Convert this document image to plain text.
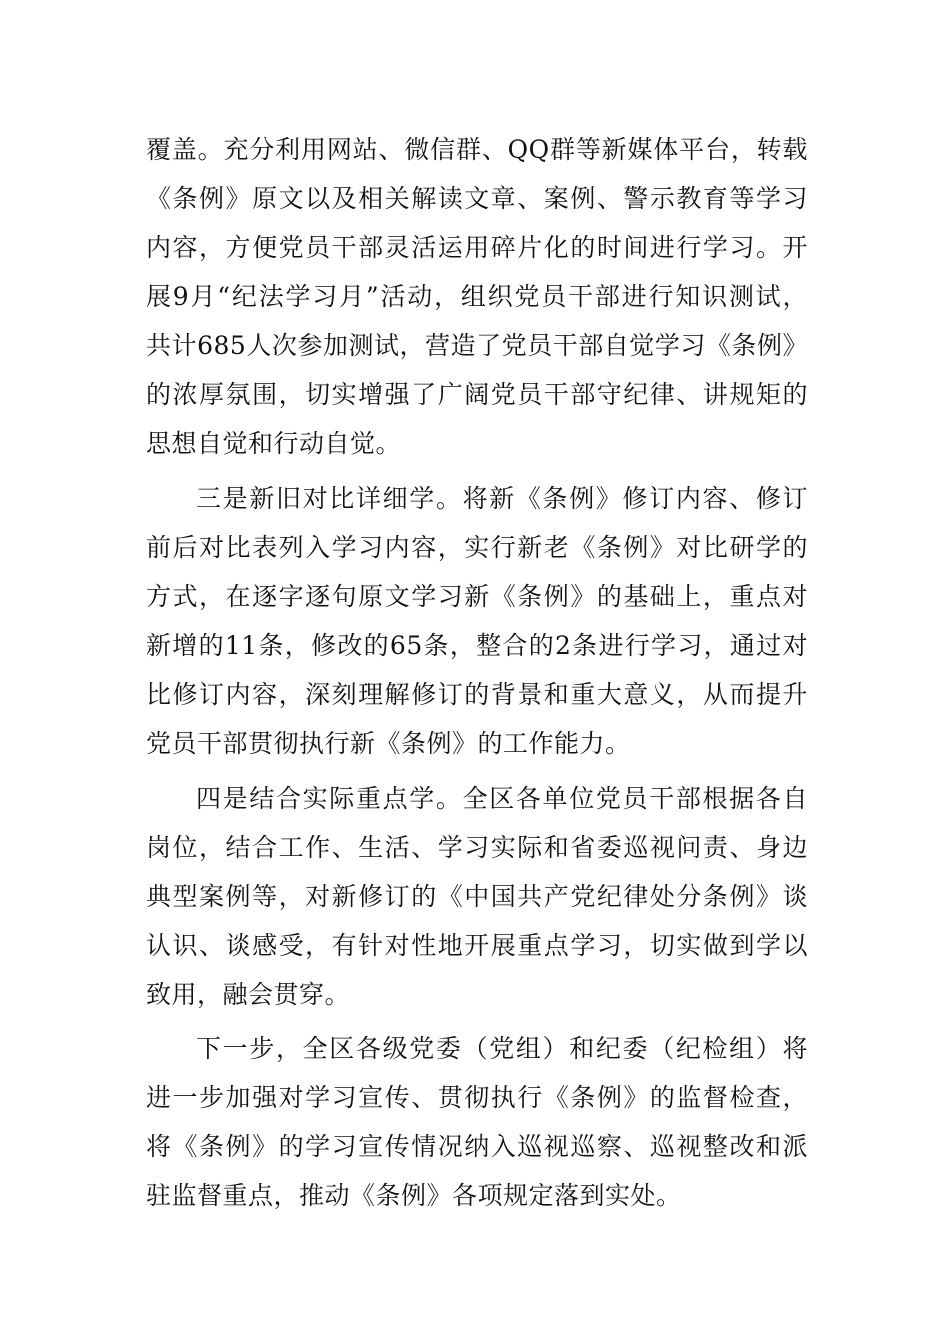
覆盖。充分利用网站、微信群、QQ群等新媒体平台，转载
《条例》原文以及相关解读文章、案例、警示教育等学习
内容，方便党员干部灵活运用碎片化的时间进行学习。开
展9月“纪法学习月”活动，组织党员干部进行知识测试，
共计685人次参加测试，营造了党员干部自觉学习《条例》
的浓厚氛围，切实增强了广阔党员干部守纪律、讲规矩的
思想自觉和行动自觉。
三是新旧对比详细学。将新《条例》修订内容、修订
前后对比表列入学习内容，实行新老《条例》对比研学的
方式，在逐字逐句原文学习新《条例》的基础上，重点对
新增的11条，修改的65条，整合的2条进行学习，通过对
比修订内容，深刻理解修订的背景和重大意义，从而提升
党员干部贯彻执行新《条例》的工作能力。
四是结合实际重点学。全区各单位党员干部根据各自
岗位，结合工作、生活、学习实际和省委巡视问责、身边
典型案例等，对新修订的《中国共产党纪律处分条例》谈
认识、谈感受，有针对性地开展重点学习，切实做到学以
致用，融会贯穿。
下一步，全区各级党委（党组）和纪委（纪检组）将
进一步加强对学习宣传、贯彻执行《条例》的监督检查，
将《条例》的学习宣传情况纳入巡视巡察、巡视整改和派
驻监督重点，推动《条例》各项规定落到实处。
